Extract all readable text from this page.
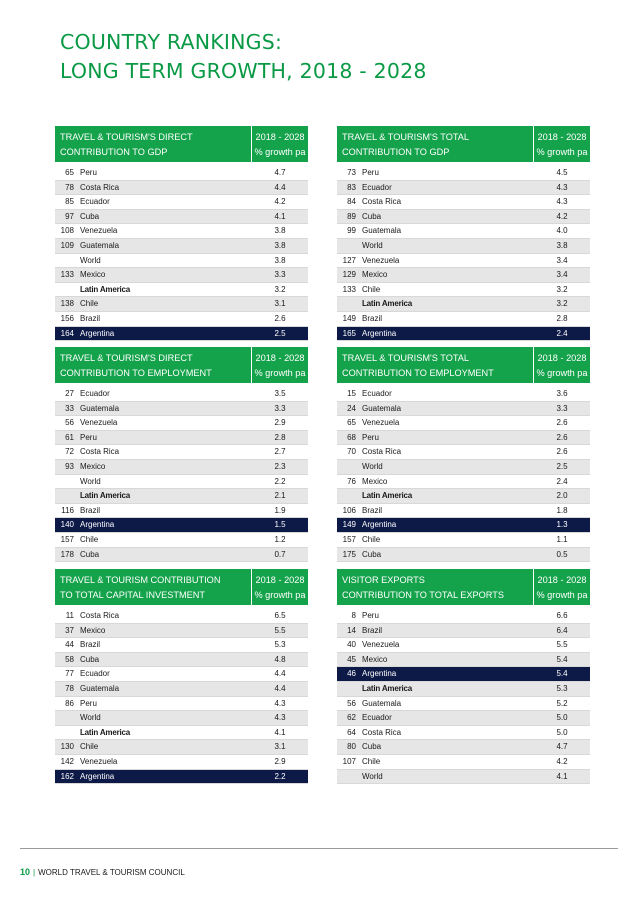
COUNTRY RANKINGS:
LONG TERM GROWTH, 2018 - 2028
TRAVEL & TOURISM'S DIRECT
CONTRIBUTION TO GDP
2018 - 2028
% growth pa
65 Peru	4.7
78 Costa Rica	4.4
85 Ecuador	4.2
97 Cuba	4.1
108 Venezuela	3.8
109 Guatemala	3.8
World	3.8
133 Mexico	3.3
Latin America	3.2
138 Chile	3.1
156 Brazil	2.6
164 Argentina	2.5
TRAVEL & TOURISM'S TOTAL
CONTRIBUTION TO GDP
2018 - 2028
% growth pa
73 Peru	4.5
83 Ecuador	4.3
84 Costa Rica	4.3
89 Cuba	4.2
99 Guatemala	4.0
World	3.8
127 Venezuela	3.4
129 Mexico	3.4
133 Chile	3.2
Latin America	3.2
149 Brazil	2.8
165 Argentina	2.4
TRAVEL & TOURISM'S DIRECT
CONTRIBUTION TO EMPLOYMENT
2018 - 2028
% growth pa
27 Ecuador	3.5
33 Guatemala	3.3
56 Venezuela	2.9
61 Peru	2.8
72 Costa Rica	2.7
93 Mexico	2.3
World	2.2
Latin America	2.1
116 Brazil	1.9
140 Argentina	1.5
157 Chile	1.2
178 Cuba	0.7
TRAVEL & TOURISM'S TOTAL
CONTRIBUTION TO EMPLOYMENT
2018 - 2028
% growth pa
15 Ecuador	3.6
24 Guatemala	3.3
65 Venezuela	2.6
68 Peru	2.6
70 Costa Rica	2.6
World	2.5
76 Mexico	2.4
Latin America	2.0
106 Brazil	1.8
149 Argentina	1.3
157 Chile	1.1
175 Cuba	0.5
TRAVEL & TOURISM CONTRIBUTION
TO TOTAL CAPITAL INVESTMENT
2018 - 2028
% growth pa
11 Costa Rica	6.5
37 Mexico	5.5
44 Brazil	5.3
58 Cuba	4.8
77 Ecuador	4.4
78 Guatemala	4.4
86 Peru	4.3
World	4.3
Latin America	4.1
130 Chile	3.1
142 Venezuela	2.9
162 Argentina	2.2
VISITOR EXPORTS
CONTRIBUTION TO TOTAL EXPORTS
2018 - 2028
% growth pa
8 Peru	6.6
14 Brazil	6.4
40 Venezuela	5.5
45 Mexico	5.4
46 Argentina	5.4
Latin America	5.3
56 Guatemala	5.2
62 Ecuador	5.0
64 Costa Rica	5.0
80 Cuba	4.7
107 Chile	4.2
World	4.1
10 | WORLD TRAVEL & TOURISM COUNCIL
